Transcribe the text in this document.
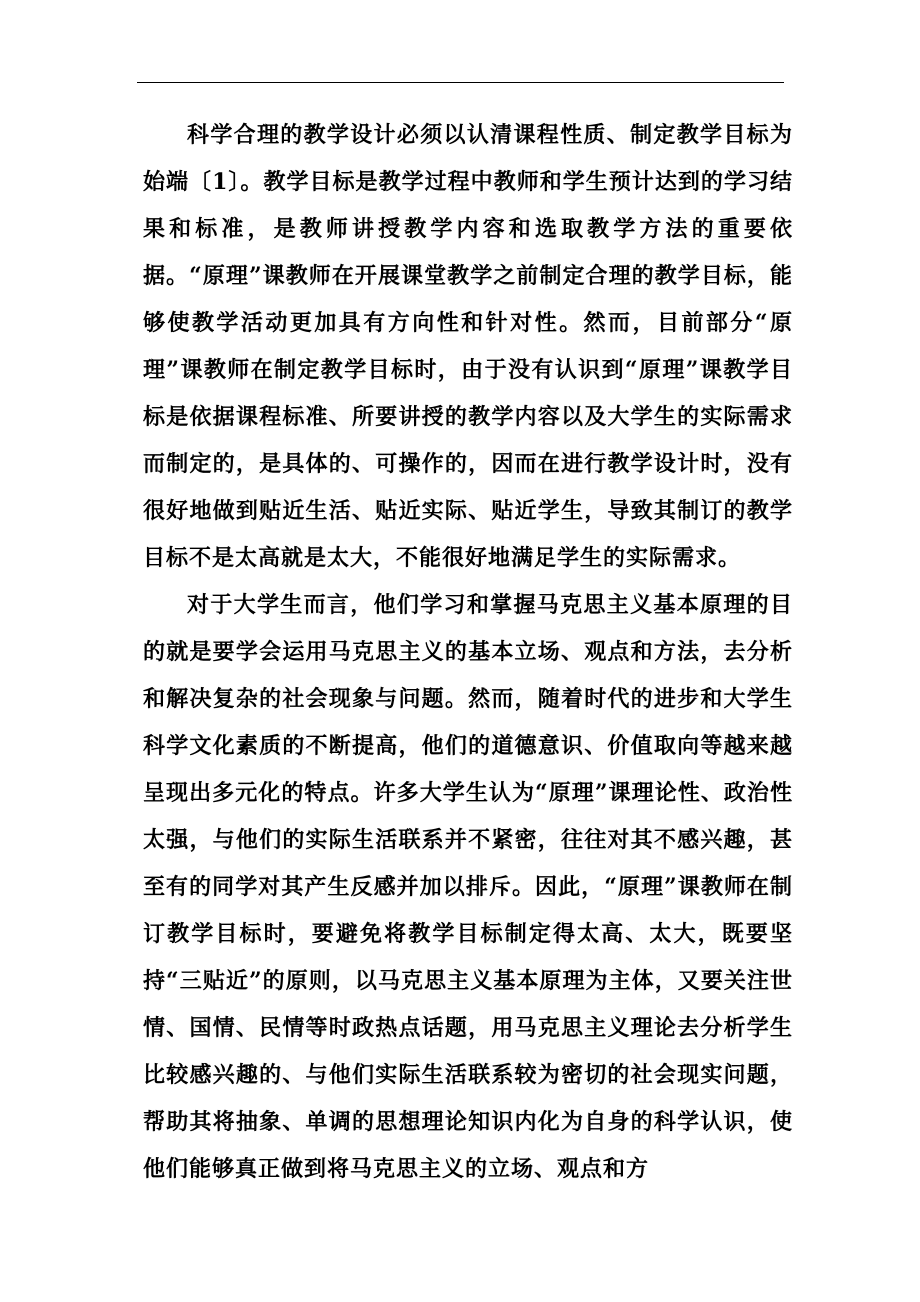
科学合理的教学设计必须以认清课程性质、制定教学目标为始端〔1〕。教学目标是教学过程中教师和学生预计达到的学习结果和标准，是教师讲授教学内容和选取教学方法的重要依据。“原理”课教师在开展课堂教学之前制定合理的教学目标，能够使教学活动更加具有方向性和针对性。然而，目前部分“原理”课教师在制定教学目标时，由于没有认识到“原理”课教学目标是依据课程标准、所要讲授的教学内容以及大学生的实际需求而制定的，是具体的、可操作的，因而在进行教学设计时，没有很好地做到贴近生活、贴近实际、贴近学生，导致其制订的教学目标不是太高就是太大，不能很好地满足学生的实际需求。

对于大学生而言，他们学习和掌握马克思主义基本原理的目的就是要学会运用马克思主义的基本立场、观点和方法，去分析和解决复杂的社会现象与问题。然而，随着时代的进步和大学生科学文化素质的不断提高，他们的道德意识、价值取向等越来越呈现出多元化的特点。许多大学生认为“原理”课理论性、政治性太强，与他们的实际生活联系并不紧密，往往对其不感兴趣，甚至有的同学对其产生反感并加以排斥。因此，“原理”课教师在制订教学目标时，要避免将教学目标制定得太高、太大，既要坚持“三贴近”的原则，以马克思主义基本原理为主体，又要关注世情、国情、民情等时政热点话题，用马克思主义理论去分析学生比较感兴趣的、与他们实际生活联系较为密切的社会现实问题，帮助其将抽象、单调的思想理论知识内化为自身的科学认识，使他们能够真正做到将马克思主义的立场、观点和方
